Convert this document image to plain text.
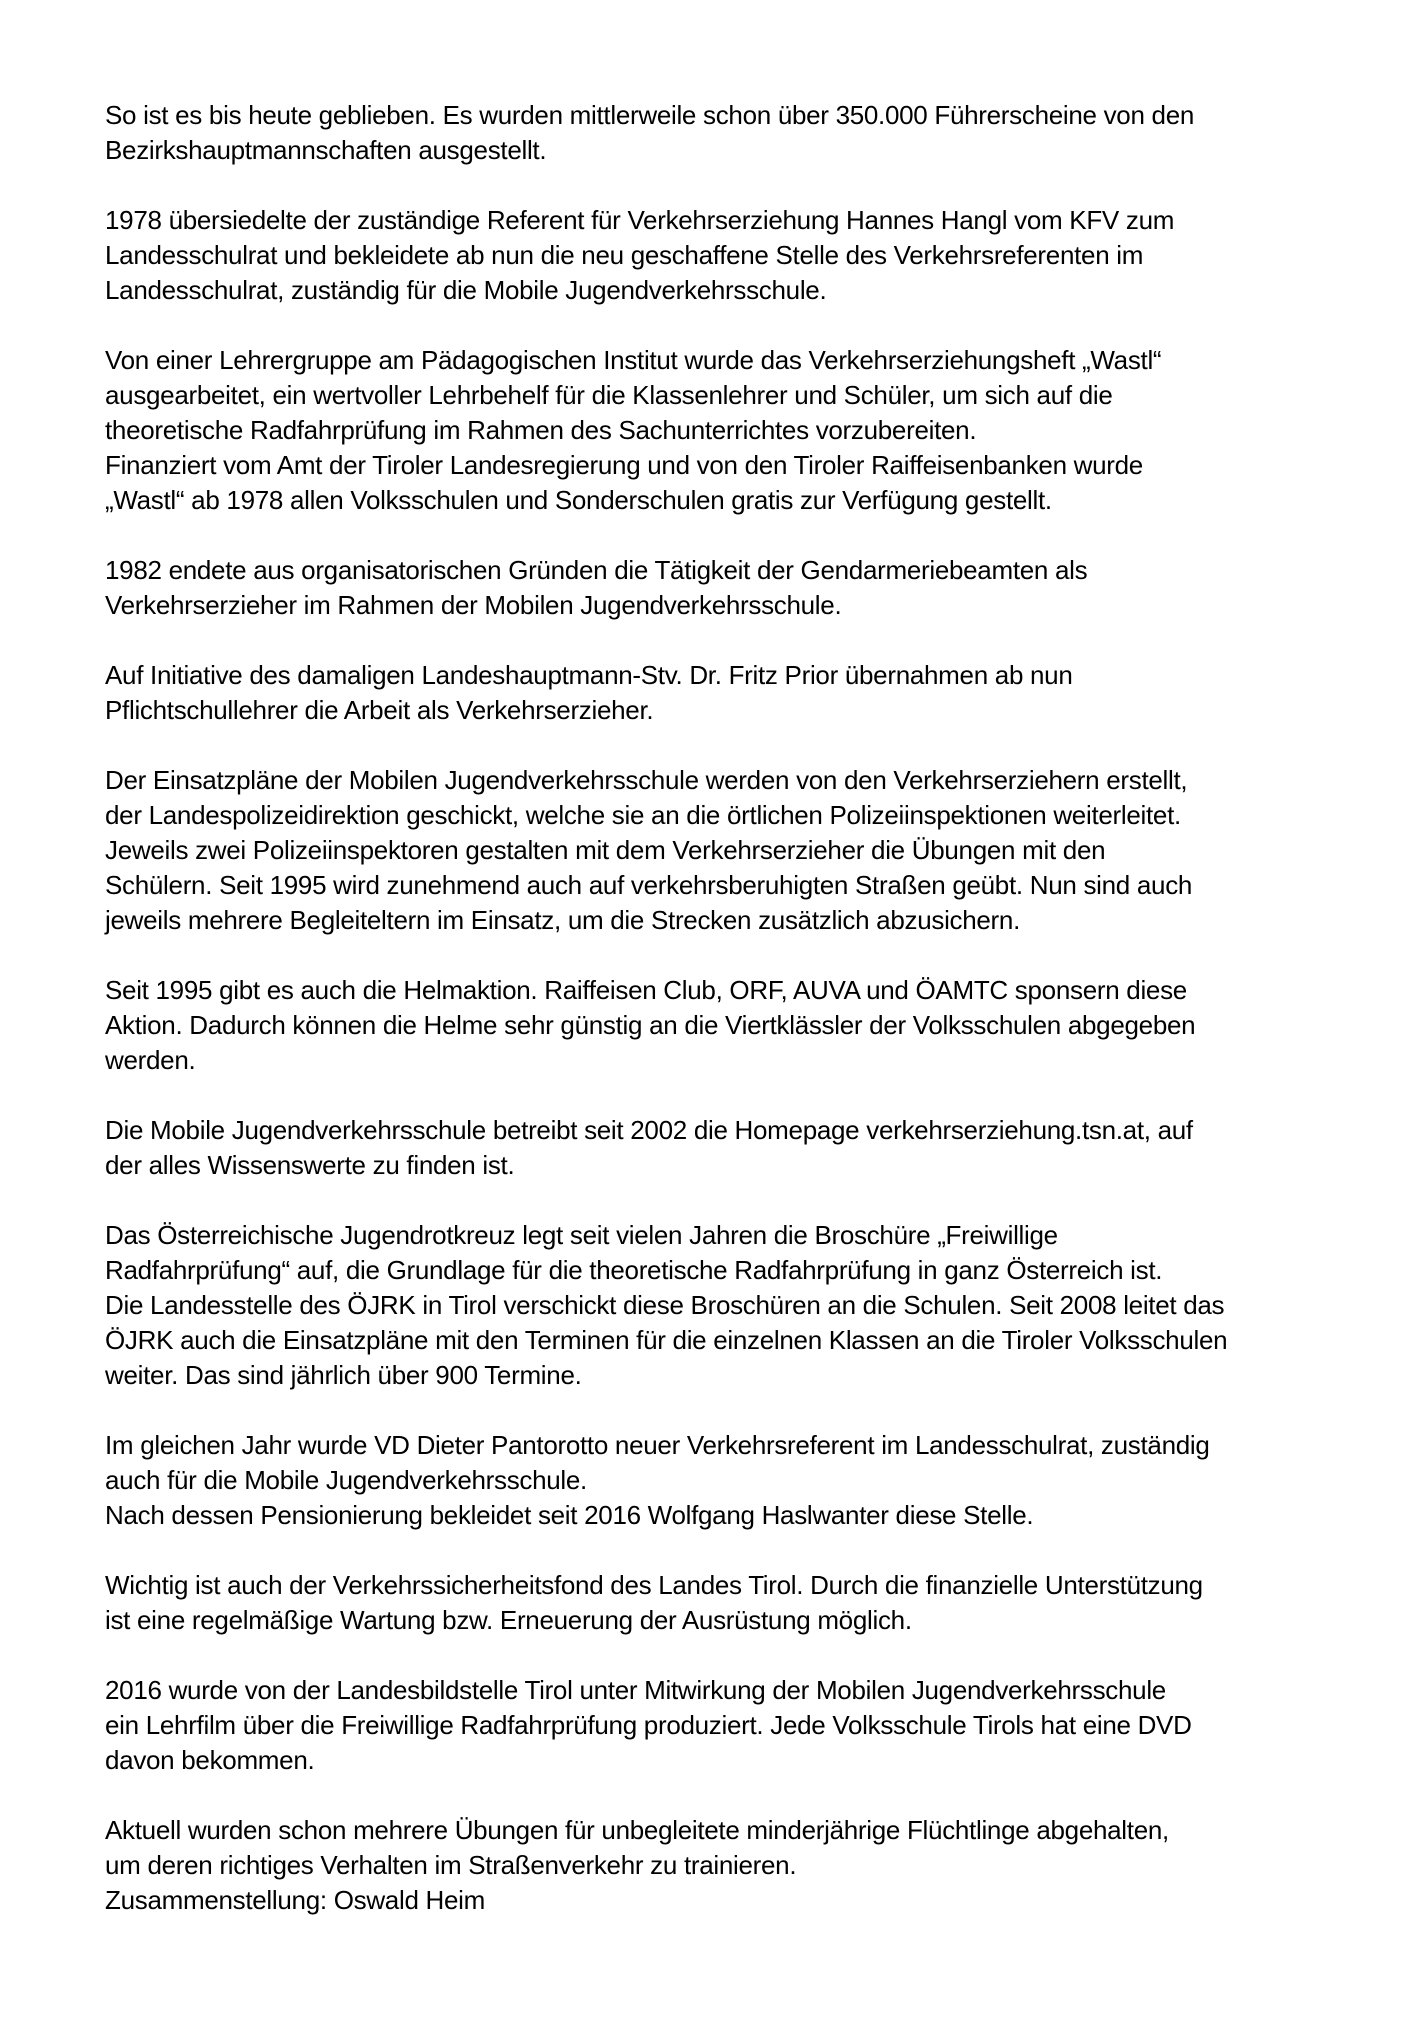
So ist es bis heute geblieben. Es wurden mittlerweile schon über 350.000 Führerscheine von den
Bezirkshauptmannschaften ausgestellt.

1978 übersiedelte der zuständige Referent für Verkehrserziehung Hannes Hangl vom KFV zum
Landesschulrat und bekleidete ab nun die neu geschaffene Stelle des Verkehrsreferenten im
Landesschulrat, zuständig für die Mobile Jugendverkehrsschule.

Von einer Lehrergruppe am Pädagogischen Institut wurde das Verkehrserziehungsheft „Wastl“
ausgearbeitet, ein wertvoller Lehrbehelf für die Klassenlehrer und Schüler, um sich auf die
theoretische Radfahrprüfung im Rahmen des Sachunterrichtes vorzubereiten.
Finanziert vom Amt der Tiroler Landesregierung und von den Tiroler Raiffeisenbanken wurde
„Wastl“ ab 1978 allen Volksschulen und Sonderschulen gratis zur Verfügung gestellt.

1982 endete aus organisatorischen Gründen die Tätigkeit der Gendarmeriebeamten als
Verkehrserzieher im Rahmen der Mobilen Jugendverkehrsschule.

Auf Initiative des damaligen Landeshauptmann-Stv. Dr. Fritz Prior übernahmen ab nun
Pflichtschullehrer die Arbeit als Verkehrserzieher.

Der Einsatzpläne der Mobilen Jugendverkehrsschule werden von den Verkehrserziehern erstellt,
der Landespolizeidirektion geschickt, welche sie an die örtlichen Polizeiinspektionen weiterleitet.
Jeweils zwei Polizeiinspektoren gestalten mit dem Verkehrserzieher die Übungen mit den
Schülern. Seit 1995 wird zunehmend auch auf verkehrsberuhigten Straßen geübt. Nun sind auch
jeweils mehrere Begleiteltern im Einsatz, um die Strecken zusätzlich abzusichern.

Seit 1995 gibt es auch die Helmaktion. Raiffeisen Club, ORF, AUVA und ÖAMTC sponsern diese
Aktion. Dadurch können die Helme sehr günstig an die Viertklässler der Volksschulen abgegeben
werden.

Die Mobile Jugendverkehrsschule betreibt seit 2002 die Homepage verkehrserziehung.tsn.at, auf
der alles Wissenswerte zu finden ist.

Das Österreichische Jugendrotkreuz legt seit vielen Jahren die Broschüre „Freiwillige
Radfahrprüfung“ auf, die Grundlage für die theoretische Radfahrprüfung in ganz Österreich ist.
Die Landesstelle des ÖJRK in Tirol verschickt diese Broschüren an die Schulen. Seit 2008 leitet das
ÖJRK auch die Einsatzpläne mit den Terminen für die einzelnen Klassen an die Tiroler Volksschulen
weiter. Das sind jährlich über 900 Termine.

Im gleichen Jahr wurde VD Dieter Pantorotto neuer Verkehrsreferent im Landesschulrat, zuständig
auch für die Mobile Jugendverkehrsschule.
Nach dessen Pensionierung bekleidet seit 2016 Wolfgang Haslwanter diese Stelle.

Wichtig ist auch der Verkehrssicherheitsfond des Landes Tirol. Durch die finanzielle Unterstützung
ist eine regelmäßige Wartung bzw. Erneuerung der Ausrüstung möglich.

2016 wurde von der Landesbildstelle Tirol unter Mitwirkung der Mobilen Jugendverkehrsschule
ein Lehrfilm über die Freiwillige Radfahrprüfung produziert. Jede Volksschule Tirols hat eine DVD
davon bekommen.

Aktuell wurden schon mehrere Übungen für unbegleitete minderjährige Flüchtlinge abgehalten,
um deren richtiges Verhalten im Straßenverkehr zu trainieren.
Zusammenstellung: Oswald Heim
